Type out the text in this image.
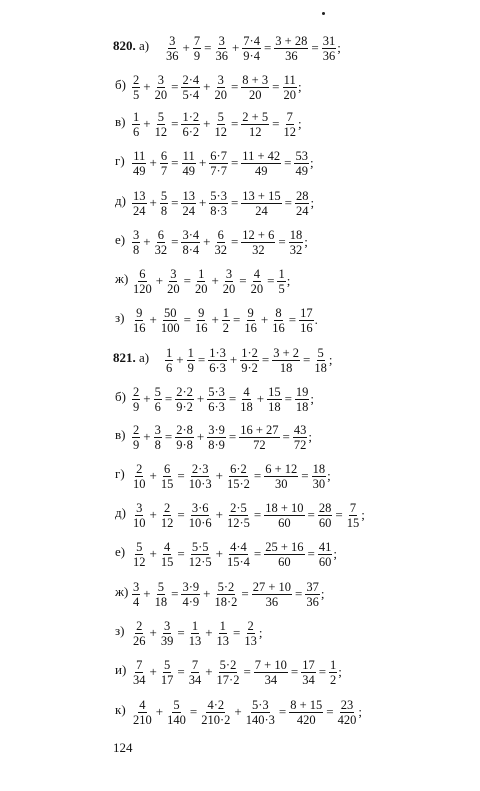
820. $а) \frac{3}{36} + \frac{7}{9} = \frac{3}{36} + \frac{7\cdot 4}{9\cdot 4} = \frac{3 + 28}{36} = \frac{31}{36}$ ;
$б) \frac{2}{5} + \frac{3}{20} = \frac{2\cdot 4}{5\cdot 4} + \frac{3}{20} = \frac{8 + 3}{20} = \frac{11}{20}$ ;
$в) \frac{1}{6} + \frac{5}{12} = \frac{1\cdot 2}{6\cdot 2} + \frac{5}{12} = \frac{2 + 5}{12} = \frac{7}{12}$ ;
$г) \frac{11}{49} + \frac{6}{7} = \frac{11}{49} + \frac{6\cdot 7}{7\cdot 7} = \frac{11 + 42}{49} = \frac{53}{49}$ ;
$д) \frac{13}{24} + \frac{5}{8} = \frac{13}{24} + \frac{5\cdot 3}{8\cdot 3} = \frac{13 + 15}{24} = \frac{28}{24}$ ;
$е) \frac{3}{8} + \frac{6}{32} = \frac{3\cdot 4}{8\cdot 4} + \frac{6}{32} = \frac{12 + 6}{32} = \frac{18}{32}$ ;
$ж) \frac{6}{120} + \frac{3}{20} = \frac{1}{20} + \frac{3}{20} = \frac{4}{20} = \frac{1}{5}$ ;
$з) \frac{9}{16} + \frac{50}{100} = \frac{9}{16} + \frac{1}{2} = \frac{9}{16} + \frac{8}{16} = \frac{17}{16}$ .
821. $а) \frac{1}{6} + \frac{1}{9} = \frac{1\cdot 3}{6\cdot 3} + \frac{1\cdot 2}{9\cdot 2} = \frac{3 + 2}{18} = \frac{5}{18}$ ;
$б) \frac{2}{9} + \frac{5}{6} = \frac{2\cdot 2}{9\cdot 2} + \frac{5\cdot 3}{6\cdot 3} = \frac{4}{18} + \frac{15}{18} = \frac{19}{18}$ ;
$в) \frac{2}{9} + \frac{3}{8} = \frac{2\cdot 8}{9\cdot 8} + \frac{3\cdot 9}{8\cdot 9} = \frac{16 + 27}{72} = \frac{43}{72}$ ;
$г) \frac{2}{10} + \frac{6}{15} = \frac{2\cdot 3}{10\cdot 3} + \frac{6\cdot 2}{15\cdot 2} = \frac{6 + 12}{30} = \frac{18}{30}$ ;
$д) \frac{3}{10} + \frac{2}{12} = \frac{3\cdot 6}{10\cdot 6} + \frac{2\cdot 5}{12\cdot 5} = \frac{18 + 10}{60} = \frac{28}{60} = \frac{7}{15}$ ;
$е) \frac{5}{12} + \frac{4}{15} = \frac{5\cdot 5}{12\cdot 5} + \frac{4\cdot 4}{15\cdot 4} = \frac{25 + 16}{60} = \frac{41}{60}$ ;
$ж) \frac{3}{4} + \frac{5}{18} = \frac{3\cdot 9}{4\cdot 9} + \frac{5\cdot 2}{18\cdot 2} = \frac{27 + 10}{36} = \frac{37}{36}$ ;
$з) \frac{2}{26} + \frac{3}{39} = \frac{1}{13} + \frac{1}{13} = \frac{2}{13}$ ;
$и) \frac{7}{34} + \frac{5}{17} = \frac{7}{34} + \frac{5\cdot 2}{17\cdot 2} = \frac{7 + 10}{34} = \frac{17}{34} = \frac{1}{2}$ ;
$к) \frac{4}{210} + \frac{5}{140} = \frac{4\cdot 2}{210\cdot 2} + \frac{5\cdot 3}{140\cdot 3} = \frac{8 + 15}{420} = \frac{23}{420}$ ;
124
